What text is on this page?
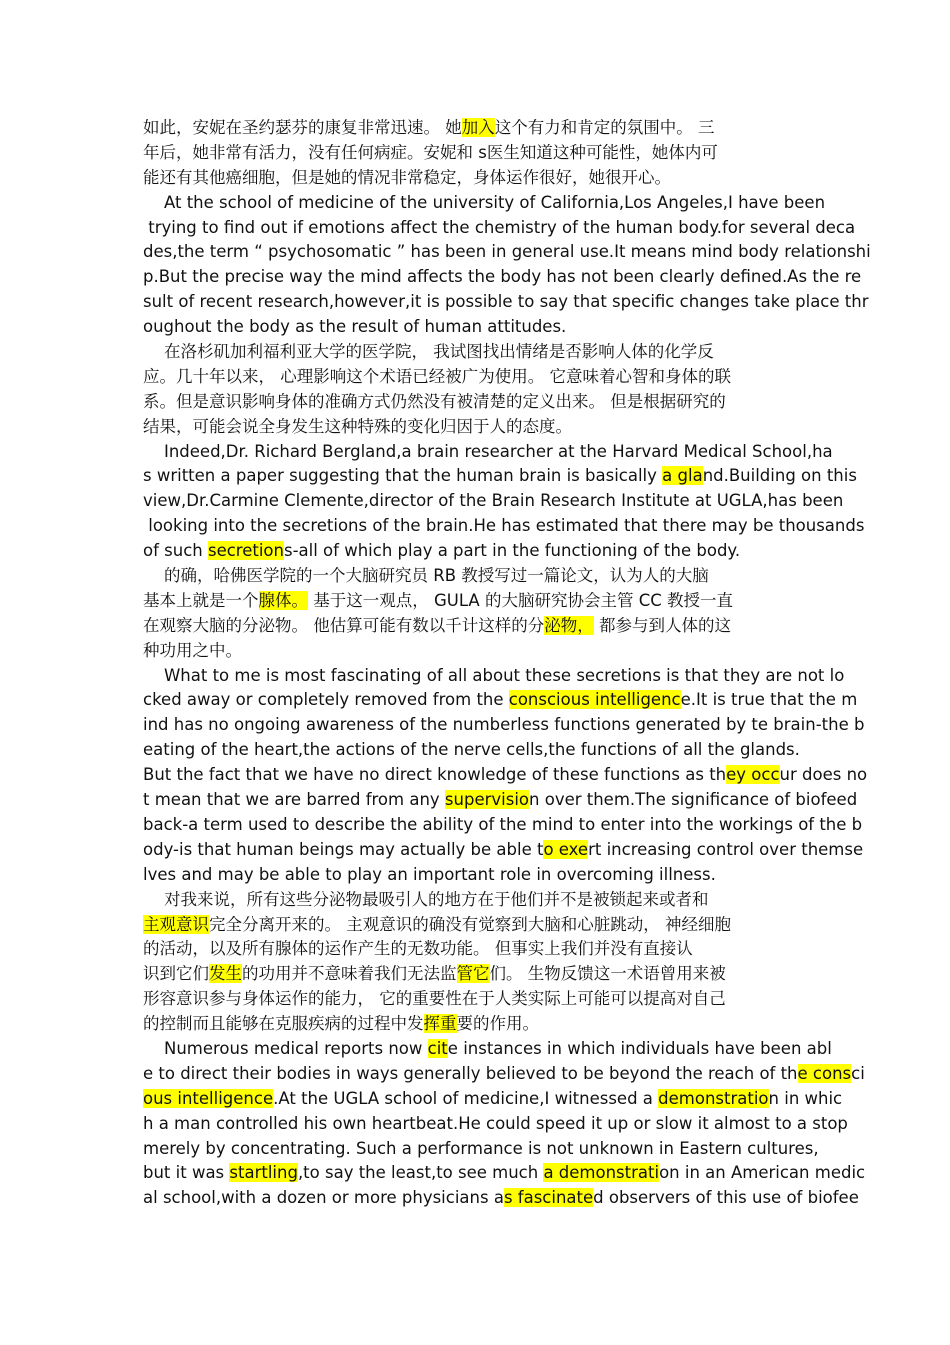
如此，安妮在圣约瑟芬的康复非常迅速。 她加入这个有力和肯定的氛围中。 三
年后，她非常有活力，没有任何病症。安妮和 s医生知道这种可能性，她体内可
能还有其他癌细胞，但是她的情况非常稳定，身体运作很好，她很开心。
At the school of medicine of the university of California,Los Angeles,I have been
trying to find out if emotions affect the chemistry of the human body.for several deca
des,the term “ psychosomatic ” has been in general use.It means mind body relationshi
p.But the precise way the mind affects the body has not been clearly defined.As the re
sult of recent research,however,it is possible to say that specific changes take place thr
oughout the body as the result of human attitudes.
在洛杉矶加利福利亚大学的医学院， 我试图找出情绪是否影响人体的化学反
应。几十年以来， 心理影响这个术语已经被广为使用。 它意味着心智和身体的联
系。但是意识影响身体的准确方式仍然没有被清楚的定义出来。 但是根据研究的
结果，可能会说全身发生这种特殊的变化归因于人的态度。
Indeed,Dr. Richard Bergland,a brain researcher at the Harvard Medical School,ha
s written a paper suggesting that the human brain is basically a gland.Building on this
view,Dr.Carmine Clemente,director of the Brain Research Institute at UGLA,has been
looking into the secretions of the brain.He has estimated that there may be thousands
of such secretions-all of which play a part in the functioning of the body.
的确，哈佛医学院的一个大脑研究员 RB 教授写过一篇论文，认为人的大脑
基本上就是一个腺体。 基于这一观点， GULA 的大脑研究协会主管 CC 教授一直
在观察大脑的分泌物。 他估算可能有数以千计这样的分泌物， 都参与到人体的这
种功用之中。
What to me is most fascinating of all about these secretions is that they are not lo
cked away or completely removed from the conscious intelligence.It is true that the m
ind has no ongoing awareness of the numberless functions generated by te brain-the b
eating of the heart,the actions of the nerve cells,the functions of all the glands.
But the fact that we have no direct knowledge of these functions as they occur does no
t mean that we are barred from any supervision over them.The significance of biofeed
back-a term used to describe the ability of the mind to enter into the workings of the b
ody-is that human beings may actually be able to exert increasing control over themse
lves and may be able to play an important role in overcoming illness.
对我来说，所有这些分泌物最吸引人的地方在于他们并不是被锁起来或者和
主观意识完全分离开来的。 主观意识的确没有觉察到大脑和心脏跳动， 神经细胞
的活动，以及所有腺体的运作产生的无数功能。 但事实上我们并没有直接认
识到它们发生的功用并不意味着我们无法监管它们。 生物反馈这一术语曾用来被
形容意识参与身体运作的能力， 它的重要性在于人类实际上可能可以提高对自己
的控制而且能够在克服疾病的过程中发挥重要的作用。
Numerous medical reports now cite instances in which individuals have been abl
e to direct their bodies in ways generally believed to be beyond the reach of the consci
ous intelligence.At the UGLA school of medicine,I witnessed a demonstration in whic
h a man controlled his own heartbeat.He could speed it up or slow it almost to a stop
merely by concentrating. Such a performance is not unknown in Eastern cultures,
but it was startling,to say the least,to see much a demonstration in an American medic
al school,with a dozen or more physicians as fascinated observers of this use of biofee
